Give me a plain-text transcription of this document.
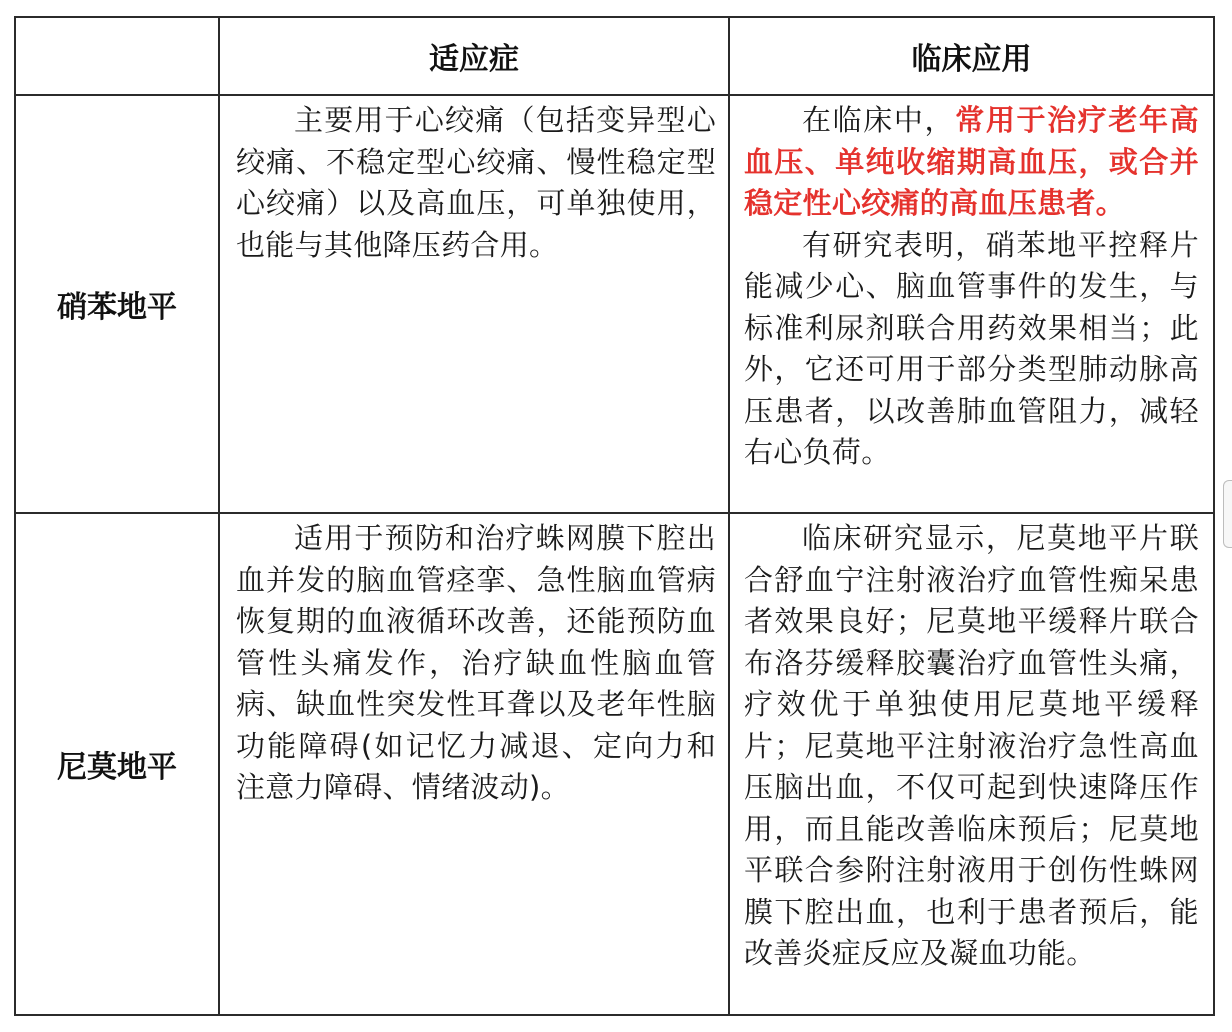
	适应症	临床应用
硝苯地平	主要用于心绞痛（包括变异型心绞痛、不稳定型心绞痛、慢性稳定型心绞痛）以及高血压，可单独使用，也能与其他降压药合用。	在临床中，常用于治疗老年高血压、单纯收缩期高血压，或合并稳定性心绞痛的高血压患者。

有研究表明，硝苯地平控释片能减少心、脑血管事件的发生，与标准利尿剂联合用药效果相当；此外，它还可用于部分类型肺动脉高压患者，以改善肺血管阻力，减轻右心负荷。

尼莫地平	适用于预防和治疗蛛网膜下腔出血并发的脑血管痉挛、急性脑血管病恢复期的血液循环改善，还能预防血管性头痛发作，治疗缺血性脑血管病、缺血性突发性耳聋以及老年性脑功能障碍(如记忆力减退、定向力和注意力障碍、情绪波动)。	临床研究显示，尼莫地平片联合舒血宁注射液治疗血管性痴呆患者效果良好；尼莫地平缓释片联合布洛芬缓释胶囊治疗血管性头痛，疗效优于单独使用尼莫地平缓释片；尼莫地平注射液治疗急性高血压脑出血，不仅可起到快速降压作用，而且能改善临床预后；尼莫地平联合参附注射液用于创伤性蛛网膜下腔出血，也利于患者预后，能改善炎症反应及凝血功能。
